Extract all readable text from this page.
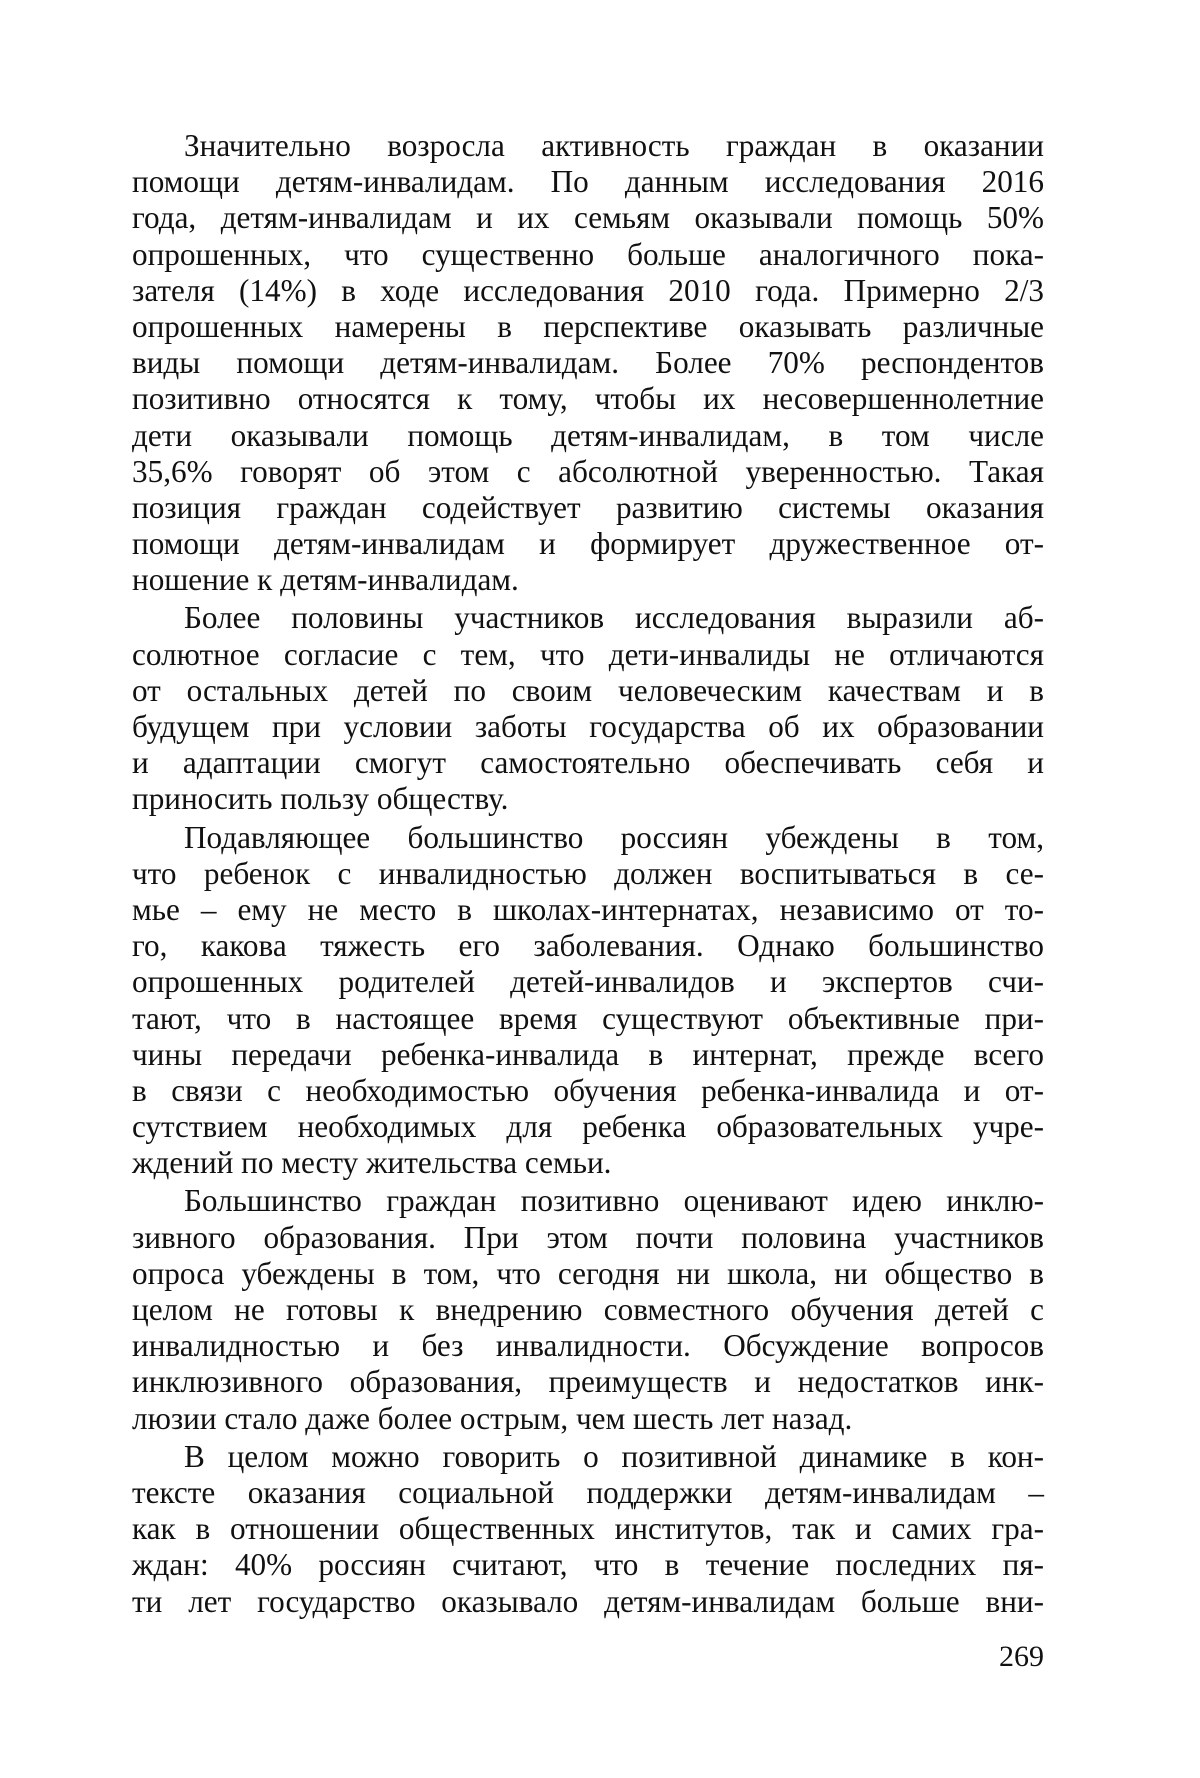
Значительно возросла активность граждан в оказании
помощи детям-инвалидам. По данным исследования 2016
года, детям-инвалидам и их семьям оказывали помощь 50%
опрошенных, что существенно больше аналогичного пока-
зателя (14%) в ходе исследования 2010 года. Примерно 2/3
опрошенных намерены в перспективе оказывать различные
виды помощи детям-инвалидам. Более 70% респондентов
позитивно относятся к тому, чтобы их несовершеннолетние
дети оказывали помощь детям-инвалидам, в том числе
35,6% говорят об этом с абсолютной уверенностью. Такая
позиция граждан содействует развитию системы оказания
помощи детям-инвалидам и формирует дружественное от-
ношение к детям-инвалидам.
Более половины участников исследования выразили аб-
солютное согласие с тем, что дети-инвалиды не отличаются
от остальных детей по своим человеческим качествам и в
будущем при условии заботы государства об их образовании
и адаптации смогут самостоятельно обеспечивать себя и
приносить пользу обществу.
Подавляющее большинство россиян убеждены в том,
что ребенок с инвалидностью должен воспитываться в се-
мье – ему не место в школах-интернатах, независимо от то-
го, какова тяжесть его заболевания. Однако большинство
опрошенных родителей детей-инвалидов и экспертов счи-
тают, что в настоящее время существуют объективные при-
чины передачи ребенка-инвалида в интернат, прежде всего
в связи с необходимостью обучения ребенка-инвалида и от-
сутствием необходимых для ребенка образовательных учре-
ждений по месту жительства семьи.
Большинство граждан позитивно оценивают идею инклю-
зивного образования. При этом почти половина участников
опроса убеждены в том, что сегодня ни школа, ни общество в
целом не готовы к внедрению совместного обучения детей с
инвалидностью и без инвалидности. Обсуждение вопросов
инклюзивного образования, преимуществ и недостатков инк-
люзии стало даже более острым, чем шесть лет назад.
В целом можно говорить о позитивной динамике в кон-
тексте оказания социальной поддержки детям-инвалидам –
как в отношении общественных институтов, так и самих гра-
ждан: 40% россиян считают, что в течение последних пя-
ти лет государство оказывало детям-инвалидам больше вни-
269
